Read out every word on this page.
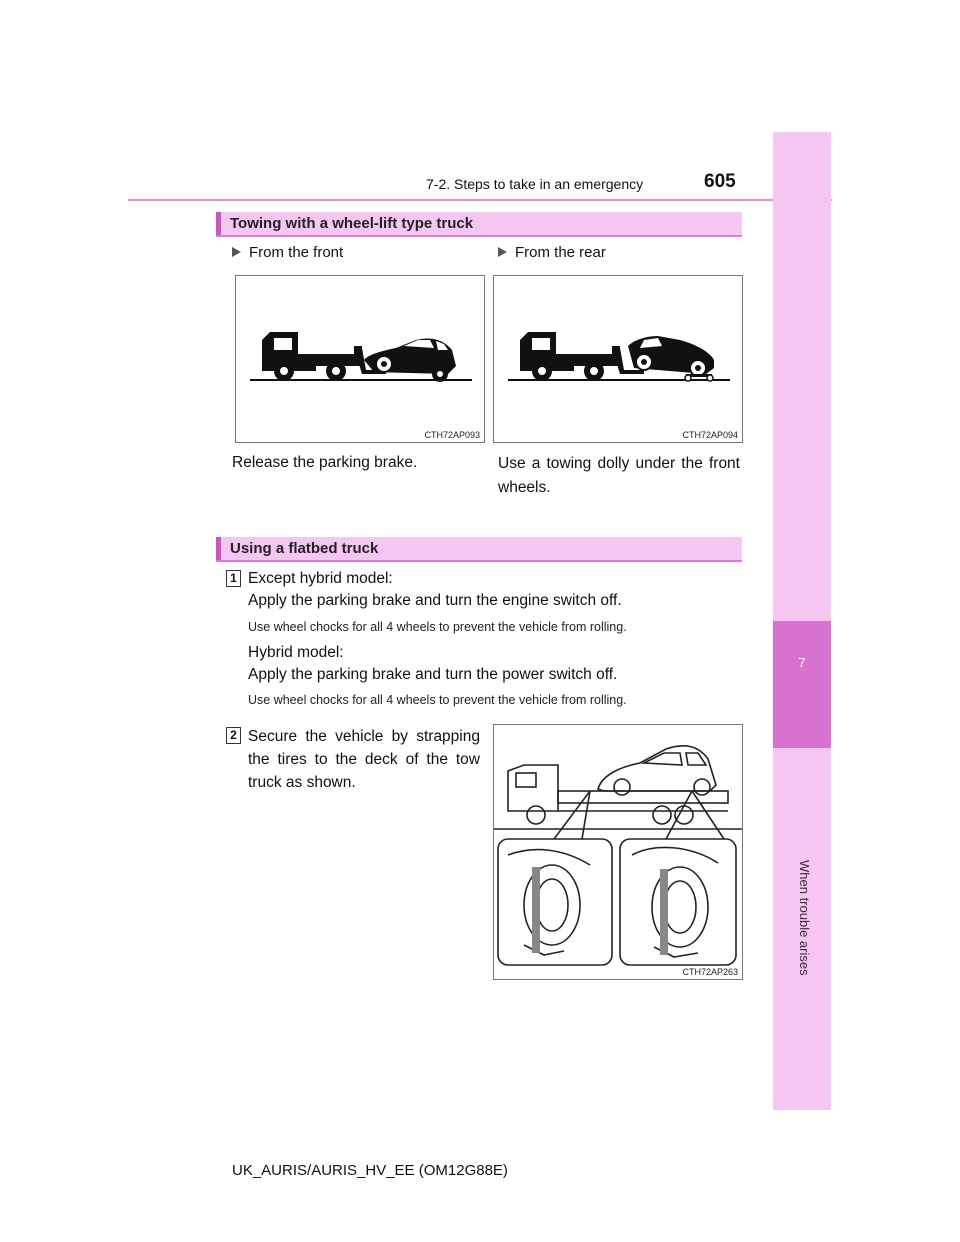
7-2. Steps to take in an emergency	605
7
When trouble arises
Towing with a wheel-lift type truck
From the front	From the rear
CTH72AP093	CTH72AP094
Release the parking brake.	Use a towing dolly under the front wheels.
Using a flatbed truck
1 Except hybrid model:
Apply the parking brake and turn the engine switch off.
Use wheel chocks for all 4 wheels to prevent the vehicle from rolling.
Hybrid model:
Apply the parking brake and turn the power switch off.
Use wheel chocks for all 4 wheels to prevent the vehicle from rolling.
2 Secure the vehicle by strapping the tires to the deck of the tow truck as shown.
CTH72AP263
UK_AURIS/AURIS_HV_EE (OM12G88E)
